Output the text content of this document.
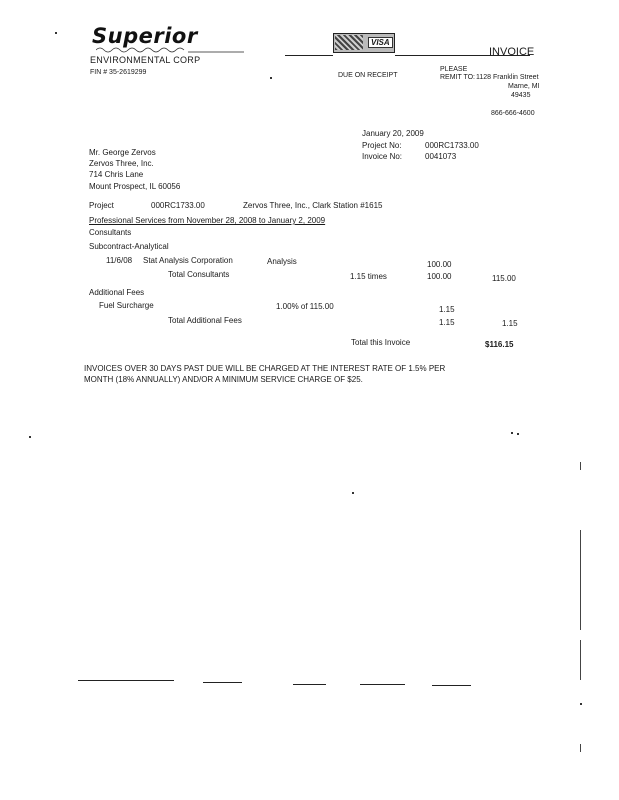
Superior
ENVIRONMENTAL CORP
FIN # 35-2619299
VISA
INVOICE
DUE ON RECEIPT
PLEASE
REMIT TO: 1128 Franklin Street
Marne, MI
49435
866-666-4600
January 20, 2009
Project No:	000RC1733.00
Invoice No:	0041073
Mr. George Zervos
Zervos Three, Inc.
714 Chris Lane
Mount Prospect, IL 60056
Project	000RC1733.00	Zervos Three, Inc., Clark Station #1615
Professional Services from November 28, 2008 to January 2, 2009
Consultants
Subcontract-Analytical
11/6/08 Stat Analysis Corporation	Analysis	100.00
Total Consultants	1.15 times	100.00	115.00
Additional Fees
Fuel Surcharge	1.00% of 115.00	1.15
Total Additional Fees	1.15	1.15
Total this Invoice	$116.15
INVOICES OVER 30 DAYS PAST DUE WILL BE CHARGED AT THE INTEREST RATE OF 1.5% PER
MONTH (18% ANNUALLY) AND/OR A MINIMUM SERVICE CHARGE OF $25.
